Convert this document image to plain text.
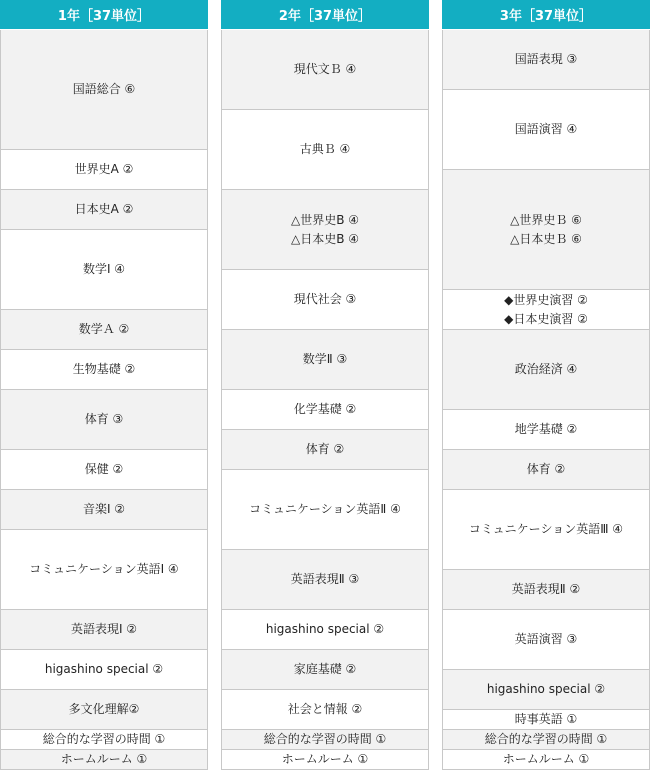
1年［37単位］
国語総合 ⑥
世界史A ②
日本史A ②
数学Ⅰ ④
数学Ａ ②
生物基礎 ②
体育 ③
保健 ②
音楽Ⅰ ②
コミュニケーション英語Ⅰ ④
英語表現Ⅰ ②
higashino special ②
多文化理解②
総合的な学習の時間 ①
ホームルーム ①
2年［37単位］
現代文Ｂ ④
古典Ｂ ④
△世界史B ④
△日本史B ④
現代社会 ③
数学Ⅱ ③
化学基礎 ②
体育 ②
コミュニケーション英語Ⅱ ④
英語表現Ⅱ ③
higashino special ②
家庭基礎 ②
社会と情報 ②
総合的な学習の時間 ①
ホームルーム ①
3年［37単位］
国語表現 ③
国語演習 ④
△世界史Ｂ ⑥
△日本史Ｂ ⑥
◆世界史演習 ②
◆日本史演習 ②
政治経済 ④
地学基礎 ②
体育 ②
コミュニケーション英語Ⅲ ④
英語表現Ⅱ ②
英語演習 ③
higashino special ②
時事英語 ①
総合的な学習の時間 ①
ホームルーム ①
